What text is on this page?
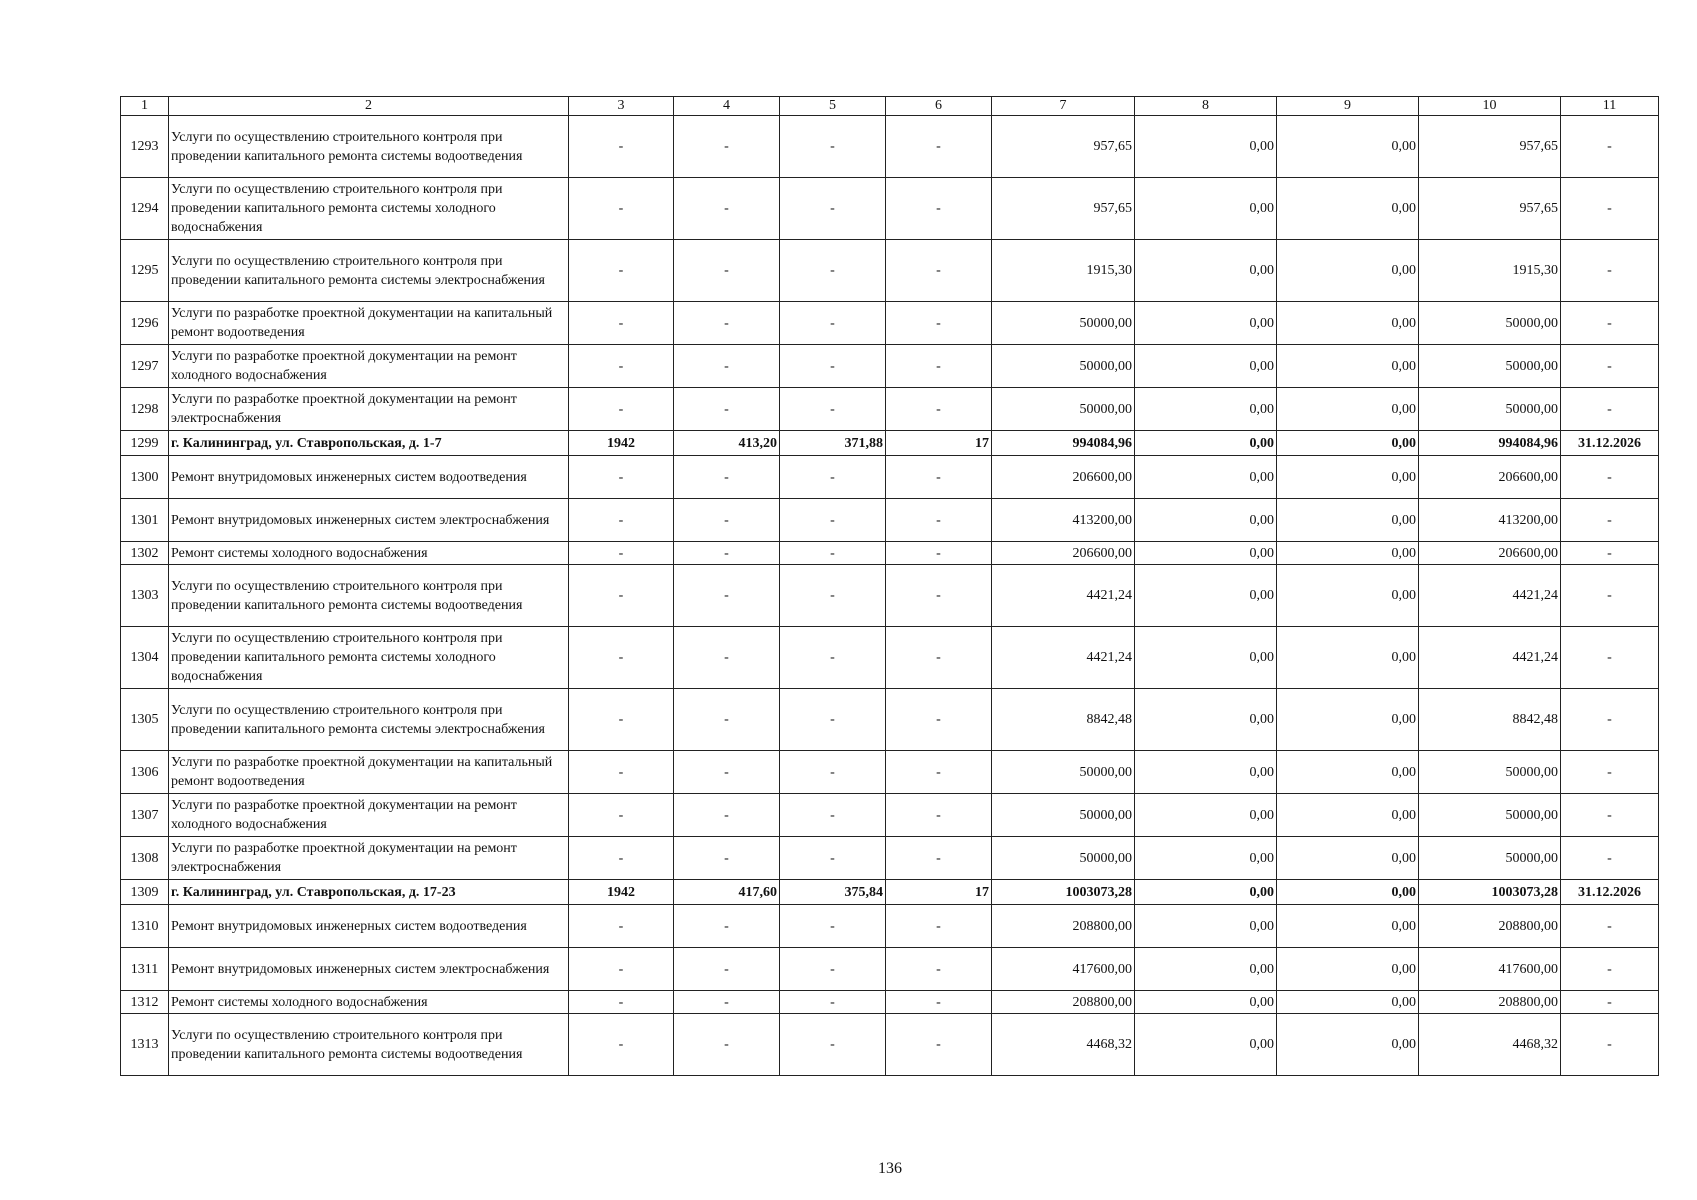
1	2	3	4	5	6	7	8	9	10	11
1293	Услуги по осуществлению строительного контроля при проведении капитального ремонта системы водоотведения	-	-	-	-	957,65	0,00	0,00	957,65	-
1294	Услуги по осуществлению строительного контроля при проведении капитального ремонта системы холодного водоснабжения	-	-	-	-	957,65	0,00	0,00	957,65	-
1295	Услуги по осуществлению строительного контроля при проведении капитального ремонта системы электроснабжения	-	-	-	-	1915,30	0,00	0,00	1915,30	-
1296	Услуги по разработке проектной документации на капитальный ремонт водоотведения	-	-	-	-	50000,00	0,00	0,00	50000,00	-
1297	Услуги по разработке проектной документации на ремонт холодного водоснабжения	-	-	-	-	50000,00	0,00	0,00	50000,00	-
1298	Услуги по разработке проектной документации на ремонт электроснабжения	-	-	-	-	50000,00	0,00	0,00	50000,00	-
1299	г. Калининград, ул. Ставропольская, д. 1-7	1942	413,20	371,88	17	994084,96	0,00	0,00	994084,96	31.12.2026
1300	Ремонт внутридомовых инженерных систем водоотведения	-	-	-	-	206600,00	0,00	0,00	206600,00	-
1301	Ремонт внутридомовых инженерных систем электроснабжения	-	-	-	-	413200,00	0,00	0,00	413200,00	-
1302	Ремонт системы холодного водоснабжения	-	-	-	-	206600,00	0,00	0,00	206600,00	-
1303	Услуги по осуществлению строительного контроля при проведении капитального ремонта системы водоотведения	-	-	-	-	4421,24	0,00	0,00	4421,24	-
1304	Услуги по осуществлению строительного контроля при проведении капитального ремонта системы холодного водоснабжения	-	-	-	-	4421,24	0,00	0,00	4421,24	-
1305	Услуги по осуществлению строительного контроля при проведении капитального ремонта системы электроснабжения	-	-	-	-	8842,48	0,00	0,00	8842,48	-
1306	Услуги по разработке проектной документации на капитальный ремонт водоотведения	-	-	-	-	50000,00	0,00	0,00	50000,00	-
1307	Услуги по разработке проектной документации на ремонт холодного водоснабжения	-	-	-	-	50000,00	0,00	0,00	50000,00	-
1308	Услуги по разработке проектной документации на ремонт электроснабжения	-	-	-	-	50000,00	0,00	0,00	50000,00	-
1309	г. Калининград, ул. Ставропольская, д. 17-23	1942	417,60	375,84	17	1003073,28	0,00	0,00	1003073,28	31.12.2026
1310	Ремонт внутридомовых инженерных систем водоотведения	-	-	-	-	208800,00	0,00	0,00	208800,00	-
1311	Ремонт внутридомовых инженерных систем электроснабжения	-	-	-	-	417600,00	0,00	0,00	417600,00	-
1312	Ремонт системы холодного водоснабжения	-	-	-	-	208800,00	0,00	0,00	208800,00	-
1313	Услуги по осуществлению строительного контроля при проведении капитального ремонта системы водоотведения	-	-	-	-	4468,32	0,00	0,00	4468,32	-
136
